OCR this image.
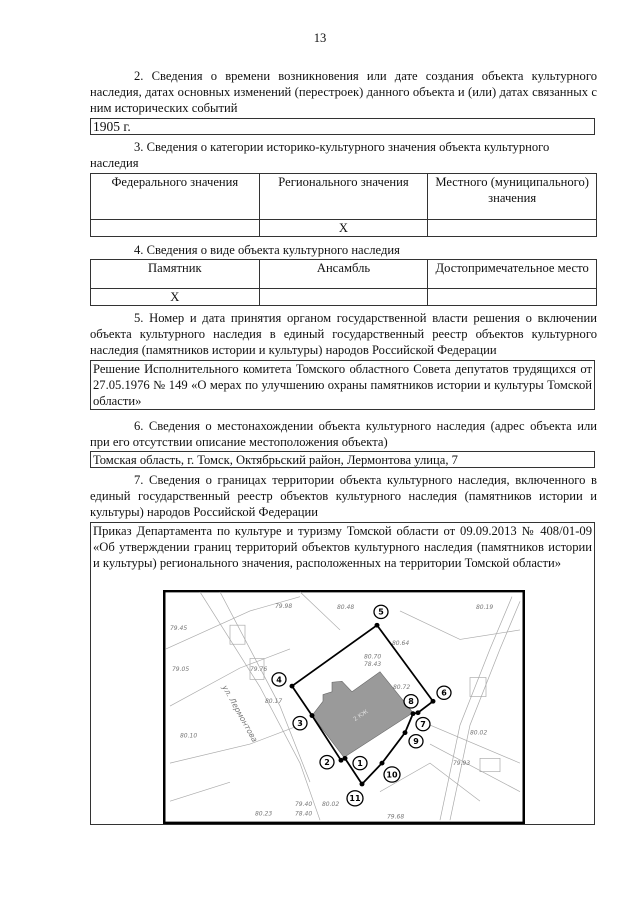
13
2. Сведения о времени возникновения или дате создания объекта культурного наследия, датах основных изменений (перестроек) данного объекта и (или) датах связанных с ним исторических событий
1905 г.
3. Сведения о категории историко-культурного значения объекта культурного наследия
Федерального значения	Регионального значения	Местного (муниципального) значения
	Х	
4. Сведения о виде объекта культурного наследия
Памятник	Ансамбль	Достопримечательное место
Х		
5. Номер и дата принятия органом государственной власти решения о включении объекта культурного наследия в единый государственный реестр объектов культурного наследия (памятников истории и культуры) народов Российской Федерации
Решение Исполнительного комитета Томского областного Совета депутатов трудящихся от 27.05.1976 № 149 «О мерах по улучшению охраны памятников истории и культуры Томской области»
6. Сведения о местонахождении объекта культурного наследия (адрес объекта или при его отсутствии описание местоположения объекта)
Томская область, г. Томск, Октябрьский район, Лермонтова улица, 7
7. Сведения о границах территории объекта культурного наследия, включенного в единый государственный реестр объектов культурного наследия (памятников истории и культуры) народов Российской Федерации
Приказ Департамента по культуре и туризму Томской области от 09.09.2013 № 408/01-09 «Об утверждении границ территорий объектов культурного наследия (памятников истории и культуры) регионального значения, расположенных на территории Томской области»
79.98	80.48	80.19
80.64
80.70
78.43
79.45
79.05	79.76
80.17
80.10
80.72
80.02
79.93
79.40 80.02
78.40
80.23	79.68
ул. Лермонтова	2 КЖ
1
2
3
4
5
6
7
8
9
10
11
